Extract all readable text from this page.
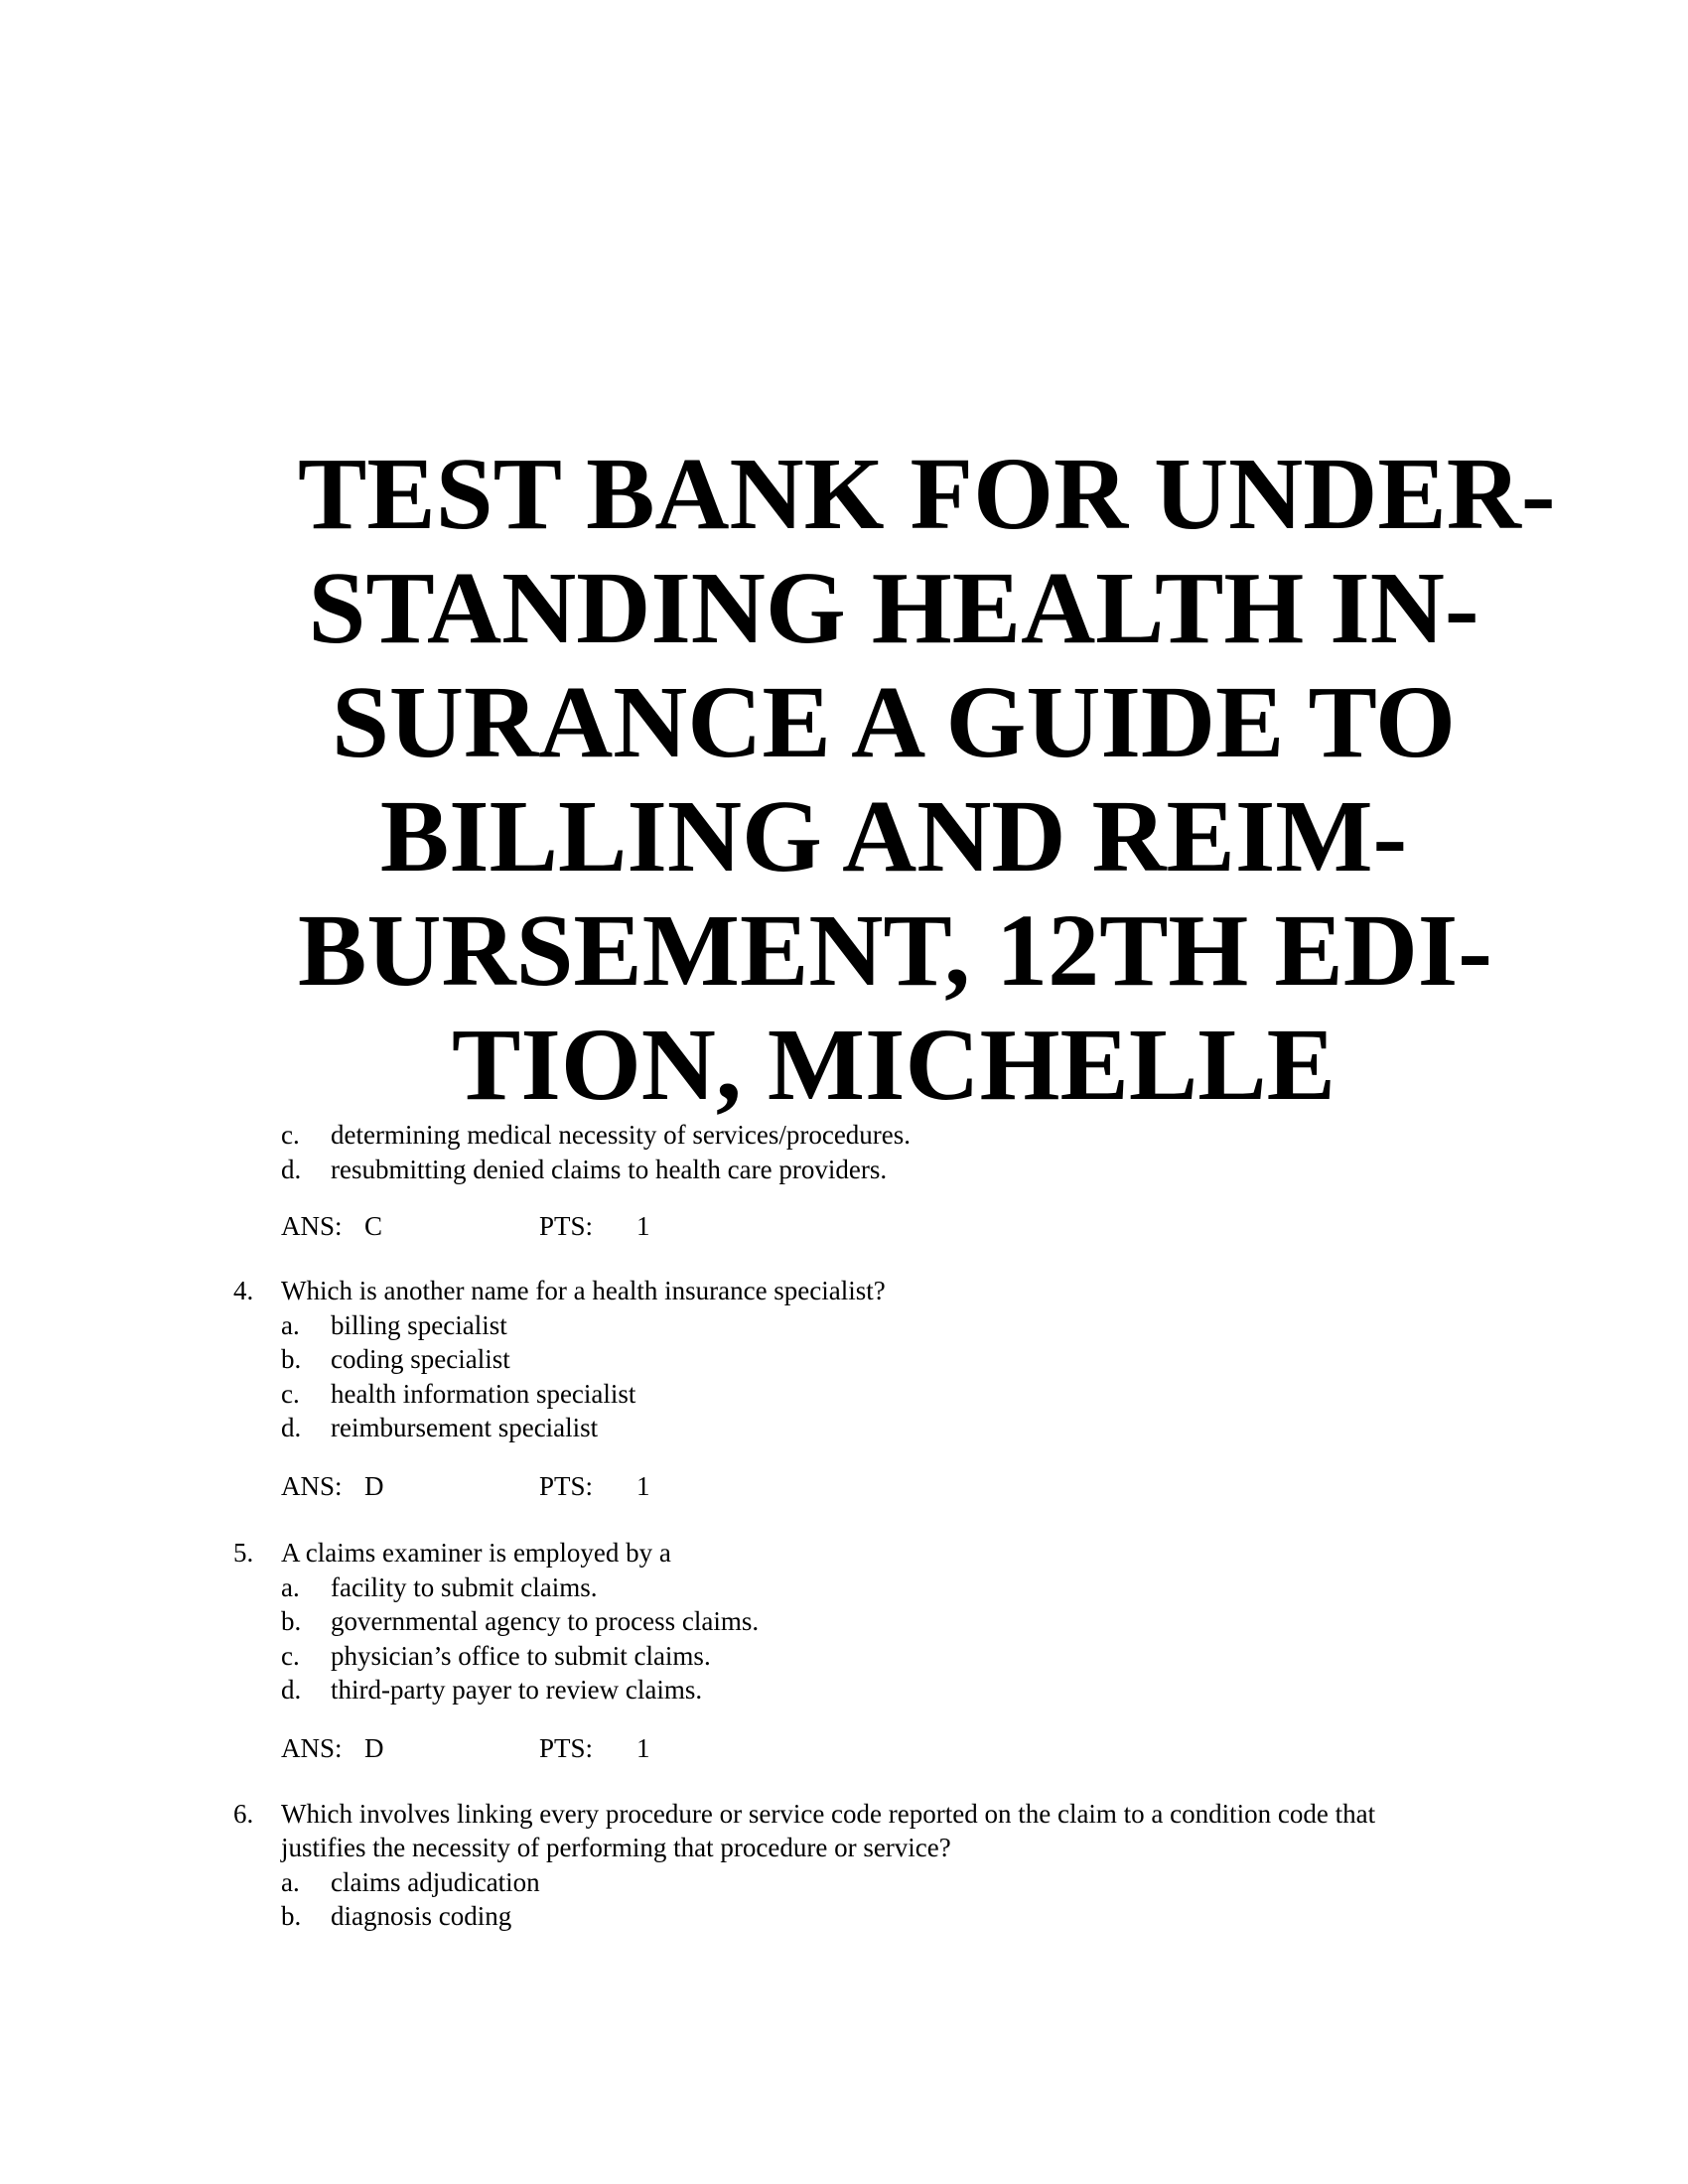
TEST BANK FOR UNDER-
STANDING HEALTH IN-
SURANCE A GUIDE TO
BILLING AND REIM-
BURSEMENT, 12TH EDI-
TION, MICHELLE
c. determining medical necessity of services/procedures.
d. resubmitting denied claims to health care providers.
ANS: C	PTS: 1
4. Which is another name for a health insurance specialist?
a. billing specialist
b. coding specialist
c. health information specialist
d. reimbursement specialist
ANS: D	PTS: 1
5. A claims examiner is employed by a
a. facility to submit claims.
b. governmental agency to process claims.
c. physician’s office to submit claims.
d. third-party payer to review claims.
ANS: D	PTS: 1
6. Which involves linking every procedure or service code reported on the claim to a condition code that
justifies the necessity of performing that procedure or service?
a. claims adjudication
b. diagnosis coding
